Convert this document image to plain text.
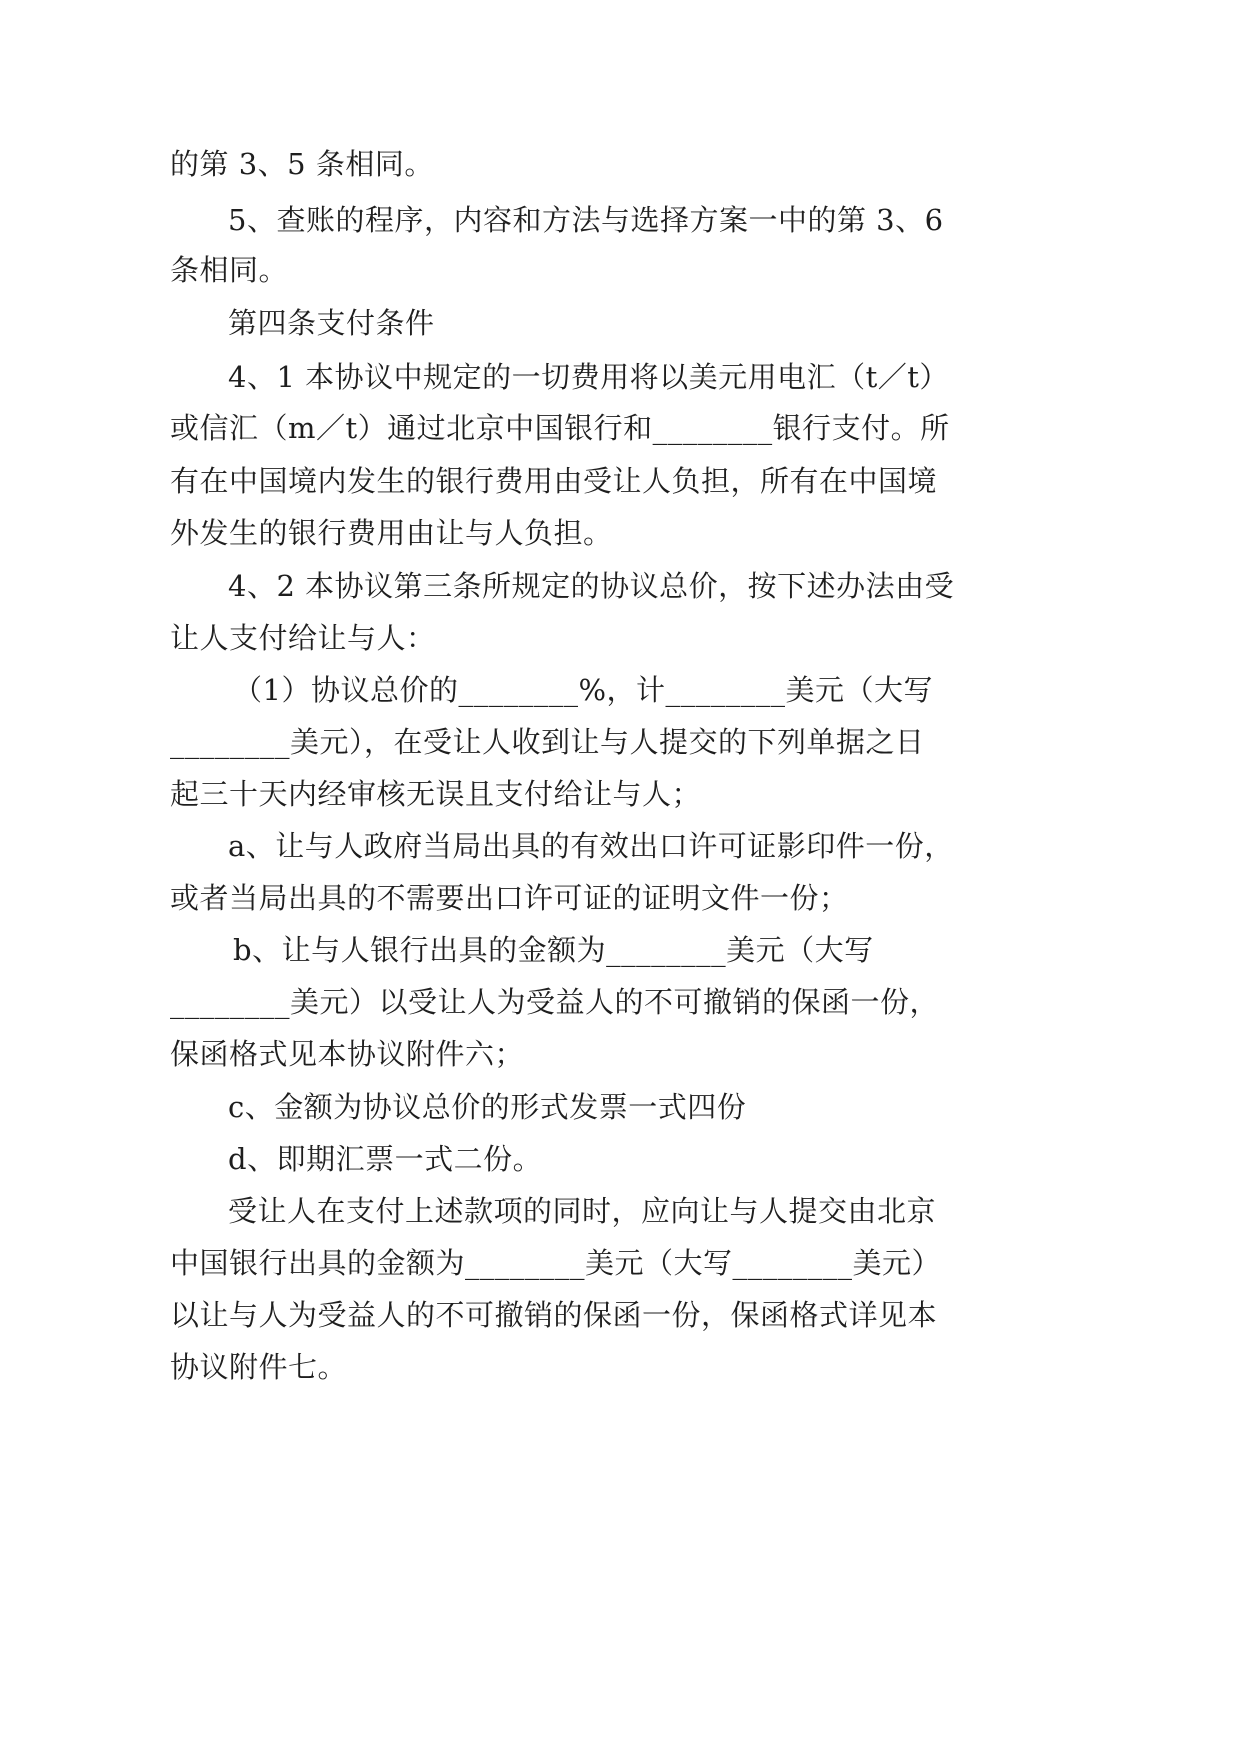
的第 3、5 条相同。
5、查账的程序，内容和方法与选择方案一中的第 3、6
条相同。
第四条支付条件
4、1 本协议中规定的一切费用将以美元用电汇（t／t）
或信汇（m／t）通过北京中国银行和________银行支付。所
有在中国境内发生的银行费用由受让人负担，所有在中国境
外发生的银行费用由让与人负担。
4、2 本协议第三条所规定的协议总价，按下述办法由受
让人支付给让与人：
（1）协议总价的________%，计________美元（大写
________美元），在受让人收到让与人提交的下列单据之日
起三十天内经审核无误且支付给让与人；
a、让与人政府当局出具的有效出口许可证影印件一份，
或者当局出具的不需要出口许可证的证明文件一份；
b、让与人银行出具的金额为________美元（大写
________美元）以受让人为受益人的不可撤销的保函一份，
保函格式见本协议附件六；
c、金额为协议总价的形式发票一式四份
d、即期汇票一式二份。
受让人在支付上述款项的同时，应向让与人提交由北京
中国银行出具的金额为________美元（大写________美元）
以让与人为受益人的不可撤销的保函一份，保函格式详见本
协议附件七。
